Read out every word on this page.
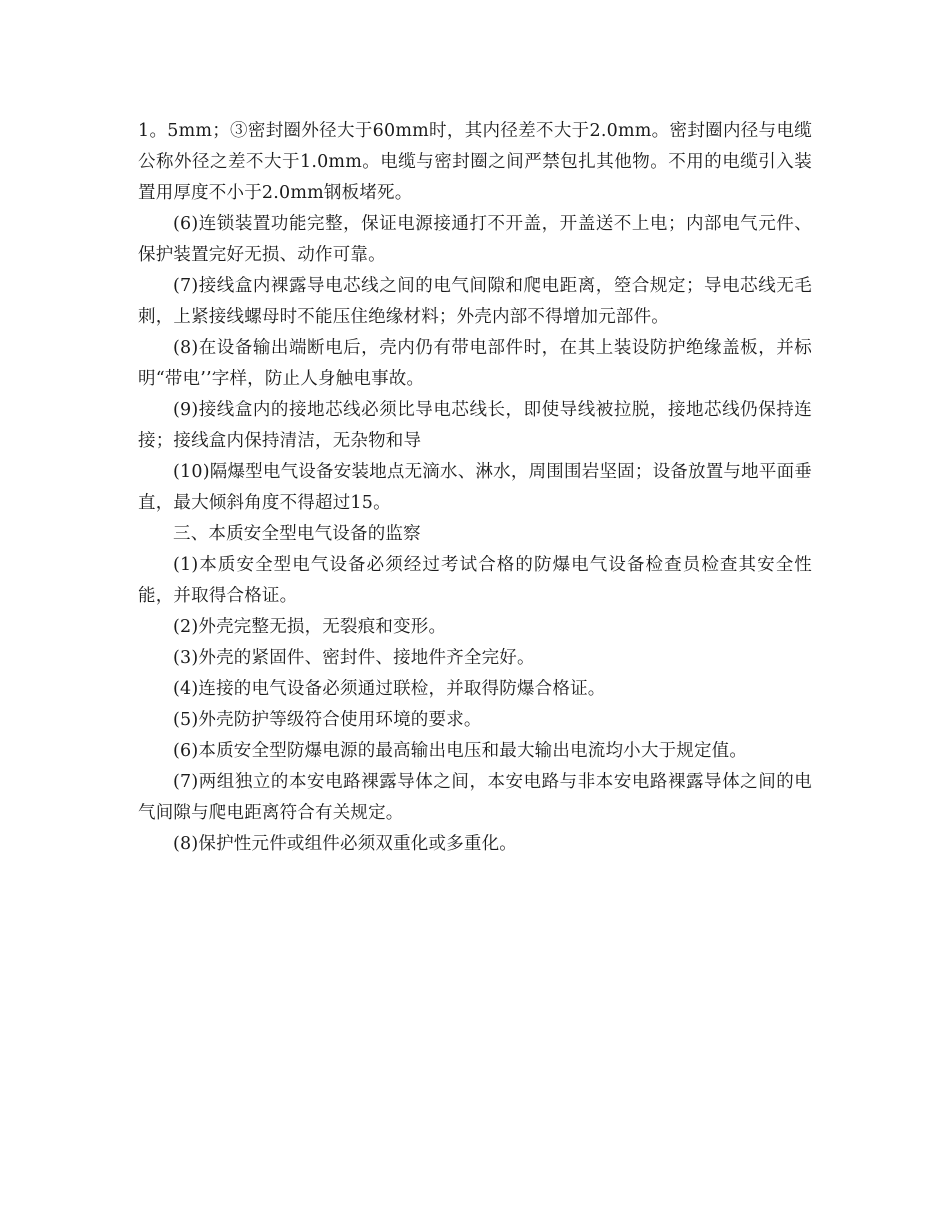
1。5mm；③密封圈外径大于60mm时，其内径差不大于2.0mm。密封圈内径与电缆公称外径之差不大于1.0mm。电缆与密封圈之间严禁包扎其他物。不用的电缆引入装置用厚度不小于2.0mm钢板堵死。

(6)连锁装置功能完整，保证电源接通打不开盖，开盖送不上电；内部电气元件、保护装置完好无损、动作可靠。

(7)接线盒内裸露导电芯线之间的电气间隙和爬电距离，箜合规定；导电芯线无毛刺，上紧接线螺母时不能压住绝缘材料；外壳内部不得增加元部件。

(8)在设备输出端断电后，壳内仍有带电部件时，在其上装设防护绝缘盖板，并标明“带电’’字样，防止人身触电事故。

(9)接线盒内的接地芯线必须比导电芯线长，即使导线被拉脱，接地芯线仍保持连接；接线盒内保持清洁，无杂物和导

(10)隔爆型电气设备安装地点无滴水、淋水，周围围岩坚固；设备放置与地平面垂直，最大倾斜角度不得超过15。

三、本质安全型电气设备的监察

(1)本质安全型电气设备必须经过考试合格的防爆电气设备检查员检查其安全性能，并取得合格证。

(2)外壳完整无损，无裂痕和变形。

(3)外壳的紧固件、密封件、接地件齐全完好。

(4)连接的电气设备必须通过联检，并取得防爆合格证。

(5)外壳防护等级符合使用环境的要求。

(6)本质安全型防爆电源的最高输出电压和最大输出电流均小大于规定值。

(7)两组独立的本安电路裸露导体之间，本安电路与非本安电路裸露导体之间的电气间隙与爬电距离符合有关规定。

(8)保护性元件或组件必须双重化或多重化。
